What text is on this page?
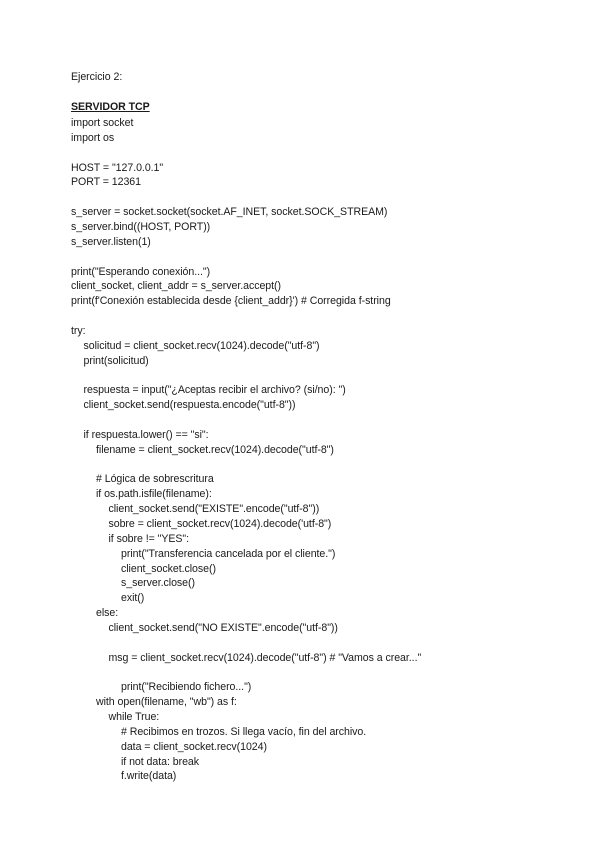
Ejercicio 2:
SERVIDOR TCP
import socket
import os
HOST = "127.0.0.1"
PORT = 12361
s_server = socket.socket(socket.AF_INET, socket.SOCK_STREAM)
s_server.bind((HOST, PORT))
s_server.listen(1)
print("Esperando conexión...")
client_socket, client_addr = s_server.accept()
print(f'Conexión establecida desde {client_addr}') # Corregida f-string
try:
solicitud = client_socket.recv(1024).decode("utf-8")
print(solicitud)
respuesta = input("¿Aceptas recibir el archivo? (si/no): ")
client_socket.send(respuesta.encode("utf-8"))
if respuesta.lower() == "si":
filename = client_socket.recv(1024).decode("utf-8")
# Lógica de sobrescritura
if os.path.isfile(filename):
client_socket.send("EXISTE".encode("utf-8"))
sobre = client_socket.recv(1024).decode('utf-8")
if sobre != "YES":
print("Transferencia cancelada por el cliente.")
client_socket.close()
s_server.close()
exit()
else:
client_socket.send("NO EXISTE".encode("utf-8"))
msg = client_socket.recv(1024).decode("utf-8") # "Vamos a crear..."
print("Recibiendo fichero...")
with open(filename, "wb") as f:
while True:
# Recibimos en trozos. Si llega vacío, fin del archivo.
data = client_socket.recv(1024)
if not data: break
f.write(data)
